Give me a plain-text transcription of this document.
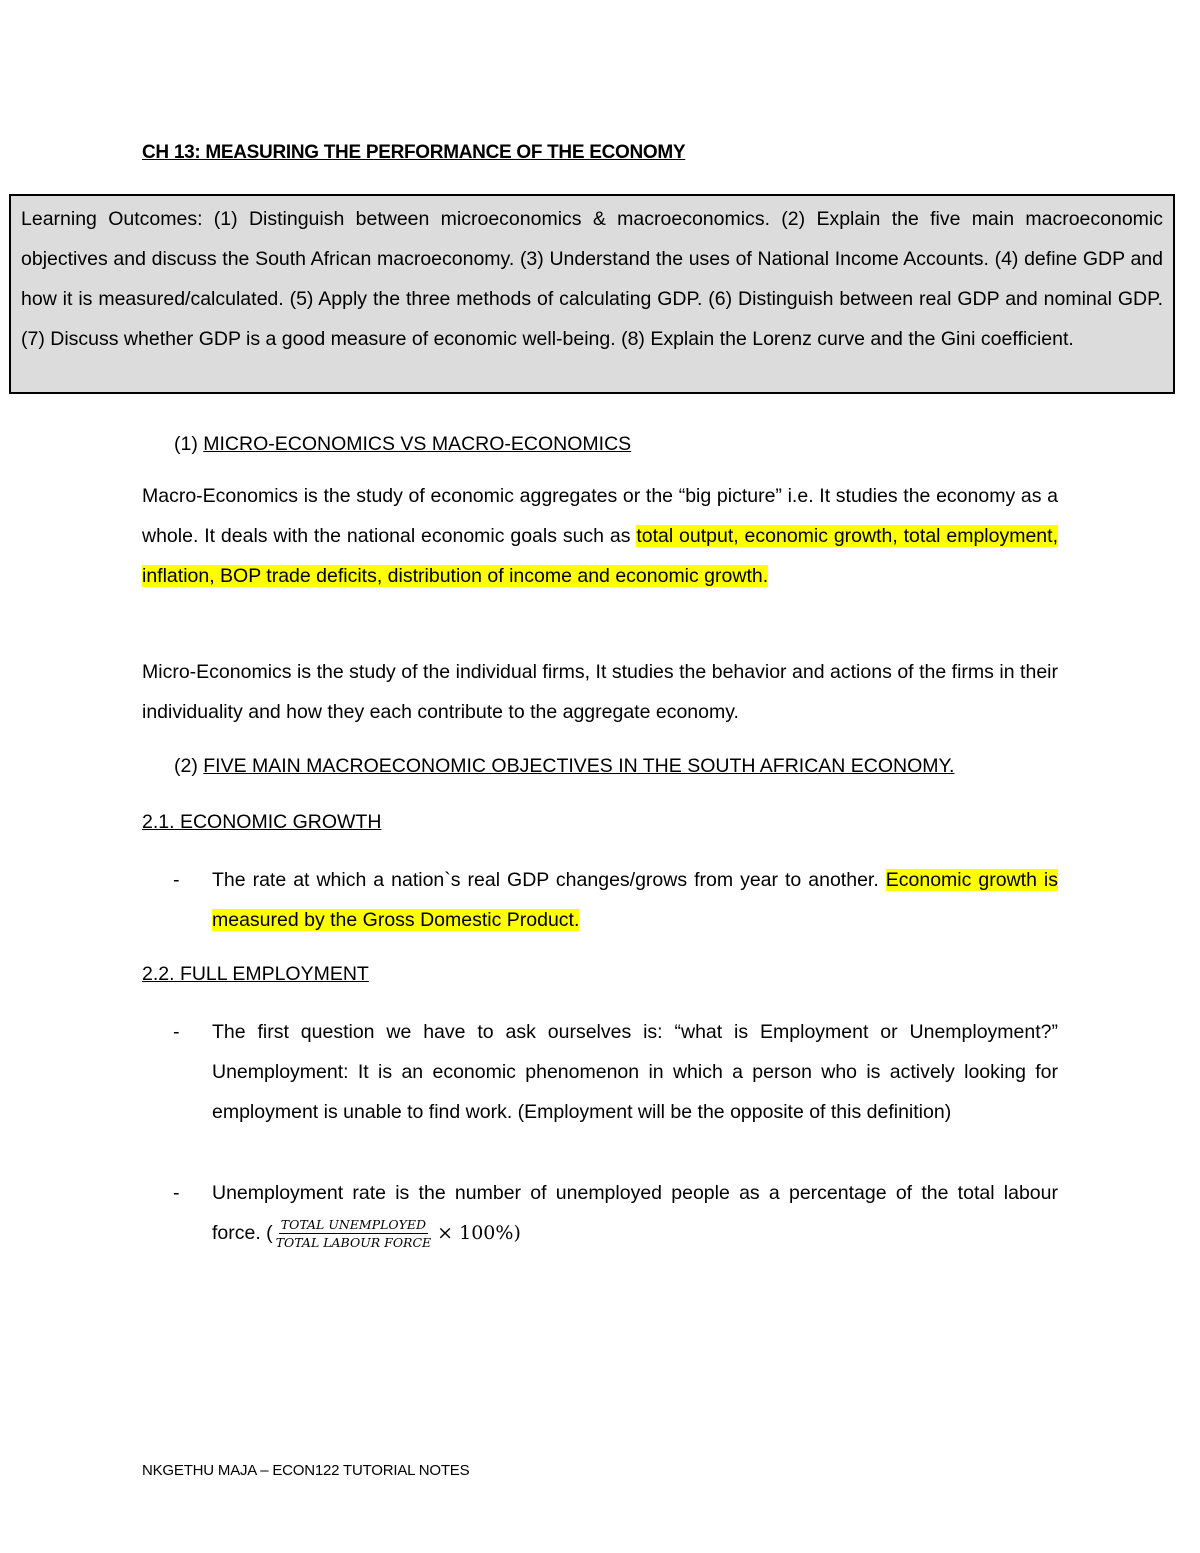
CH 13: MEASURING THE PERFORMANCE OF THE ECONOMY
Learning Outcomes: (1) Distinguish between microeconomics & macroeconomics. (2) Explain the five main macroeconomic objectives and discuss the South African macroeconomy. (3) Understand the uses of National Income Accounts. (4) define GDP and how it is measured/calculated. (5) Apply the three methods of calculating GDP. (6) Distinguish between real GDP and nominal GDP. (7) Discuss whether GDP is a good measure of economic well-being. (8) Explain the Lorenz curve and the Gini coefficient.
(1) MICRO-ECONOMICS VS MACRO-ECONOMICS
Macro-Economics is the study of economic aggregates or the “big picture” i.e. It studies the economy as a whole. It deals with the national economic goals such as total output, economic growth, total employment, inflation, BOP trade deficits, distribution of income and economic growth.
Micro-Economics is the study of the individual firms, It studies the behavior and actions of the firms in their individuality and how they each contribute to the aggregate economy.
(2) FIVE MAIN MACROECONOMIC OBJECTIVES IN THE SOUTH AFRICAN ECONOMY.
2.1. ECONOMIC GROWTH
- The rate at which a nation`s real GDP changes/grows from year to another. Economic growth is measured by the Gross Domestic Product.
2.2. FULL EMPLOYMENT
- The first question we have to ask ourselves is: “what is Employment or Unemployment?” Unemployment: It is an economic phenomenon in which a person who is actively looking for employment is unable to find work. (Employment will be the opposite of this definition)
- Unemployment rate is the number of unemployed people as a percentage of the total labour force. ( $\frac{\text{TOTAL UNEMPLOYED}}{\text{TOTAL LABOUR FORCE}} \times 100\%$)
NKGETHU MAJA – ECON122 TUTORIAL NOTES
